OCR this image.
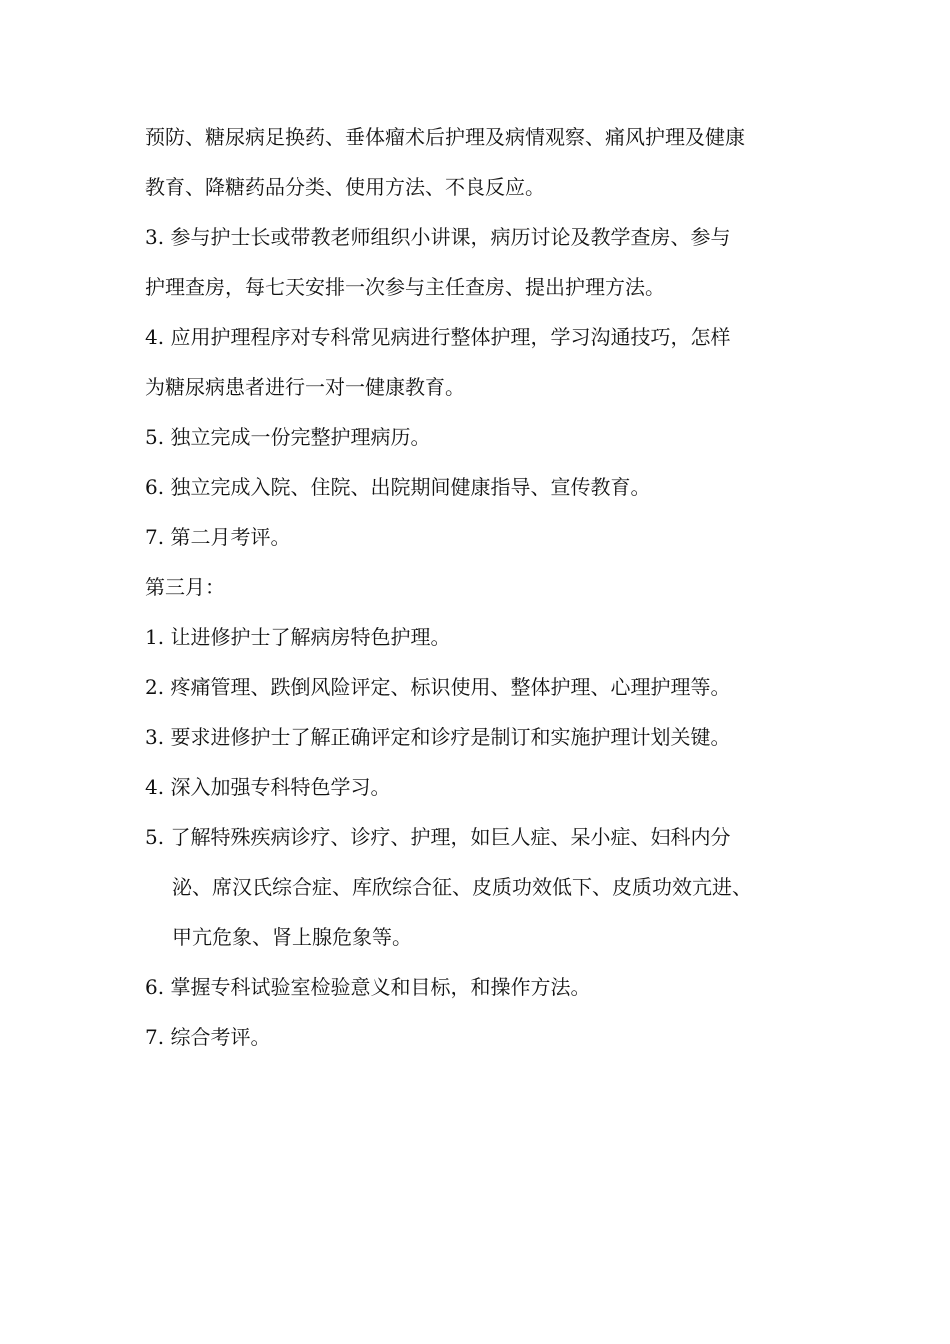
预防、糖尿病足换药、垂体瘤术后护理及病情观察、痛风护理及健康
教育、降糖药品分类、使用方法、不良反应。
3. 参与护士长或带教老师组织小讲课，病历讨论及教学查房、参与
护理查房，每七天安排一次参与主任查房、提出护理方法。
4. 应用护理程序对专科常见病进行整体护理，学习沟通技巧，怎样
为糖尿病患者进行一对一健康教育。
5. 独立完成一份完整护理病历。
6. 独立完成入院、住院、出院期间健康指导、宣传教育。
7. 第二月考评。
第三月：
1. 让进修护士了解病房特色护理。
2. 疼痛管理、跌倒风险评定、标识使用、整体护理、心理护理等。
3. 要求进修护士了解正确评定和诊疗是制订和实施护理计划关键。
4. 深入加强专科特色学习。
5. 了解特殊疾病诊疗、诊疗、护理，如巨人症、呆小症、妇科内分
泌、席汉氏综合症、库欣综合征、皮质功效低下、皮质功效亢进、
甲亢危象、肾上腺危象等。
6. 掌握专科试验室检验意义和目标，和操作方法。
7. 综合考评。
